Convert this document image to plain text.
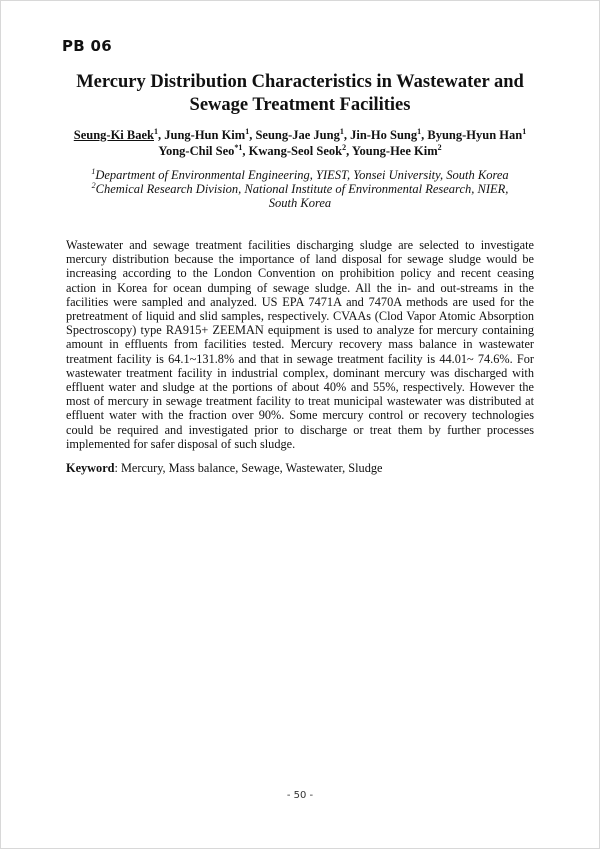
PB 06
Mercury Distribution Characteristics in Wastewater and Sewage Treatment Facilities
Seung-Ki Baek$^1$, Jung-Hun Kim$^1$, Seung-Jae Jung$^1$, Jin-Ho Sung$^1$, Byung-Hyun Han$^1$
Yong-Chil Seo$^{*1}$, Kwang-Seol Seok$^2$, Young-Hee Kim$^2$
$^1$Department of Environmental Engineering, YIEST, Yonsei University, South Korea
$^2$Chemical Research Division, National Institute of Environmental Research, NIER,
South Korea
Wastewater and sewage treatment facilities discharging sludge are selected to investigate mercury distribution because the importance of land disposal for sewage sludge would be increasing according to the London Convention on prohibition policy and recent ceasing action in Korea for ocean dumping of sewage sludge. All the in- and out-streams in the facilities were sampled and analyzed. US EPA 7471A and 7470A methods are used for the pretreatment of liquid and slid samples, respectively. CVAAs (Clod Vapor Atomic Absorption Spectroscopy) type RA915+ ZEEMAN equipment is used to analyze for mercury containing amount in effluents from facilities tested. Mercury recovery mass balance in wastewater treatment facility is 64.1~131.8% and that in sewage treatment facility is 44.01~ 74.6%. For wastewater treatment facility in industrial complex, dominant mercury was discharged with effluent water and sludge at the portions of about 40% and 55%, respectively. However the most of mercury in sewage treatment facility to treat municipal wastewater was distributed at effluent water with the fraction over 90%. Some mercury control or recovery technologies could be required and investigated prior to discharge or treat them by further processes implemented for safer disposal of such sludge.
Keyword: Mercury, Mass balance, Sewage, Wastewater, Sludge
- 50 -
